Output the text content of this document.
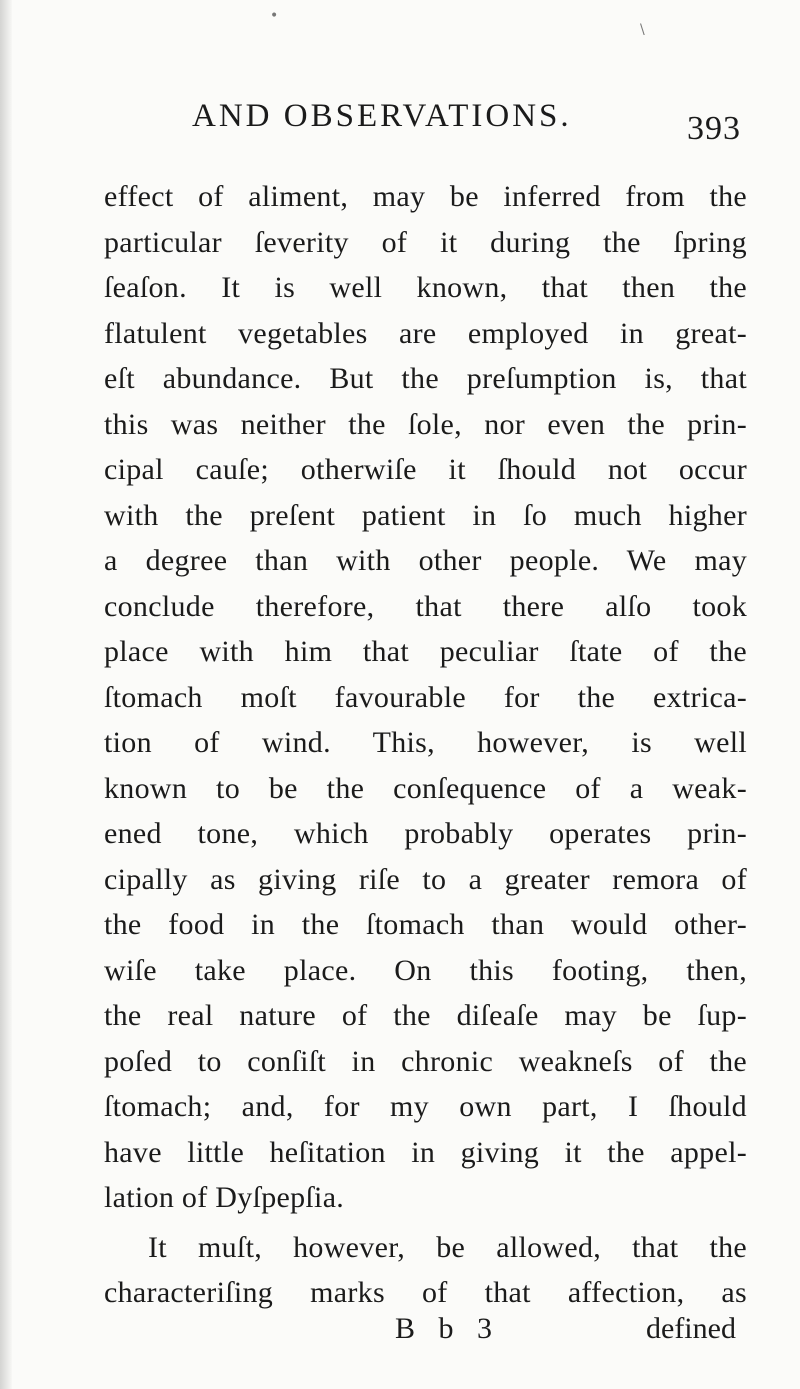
•
\
AND OBSERVATIONS.	393
effect of aliment, may be inferred from the
particular ſeverity of it during the ſpring
ſeaſon. It is well known, that then the
flatulent vegetables are employed in great-
eſt abundance. But the preſumption is, that
this was neither the ſole, nor even the prin-
cipal cauſe; otherwiſe it ſhould not occur
with the preſent patient in ſo much higher
a degree than with other people. We may
conclude therefore, that there alſo took
place with him that peculiar ſtate of the
ſtomach moſt favourable for the extrica-
tion of wind. This, however, is well
known to be the conſequence of a weak-
ened tone, which probably operates prin-
cipally as giving riſe to a greater remora of
the food in the ſtomach than would other-
wiſe take place. On this footing, then,
the real nature of the diſeaſe may be ſup-
poſed to conſiſt in chronic weakneſs of the
ſtomach; and, for my own part, I ſhould
have little heſitation in giving it the appel-
lation of Dyſpepſia.
It muſt, however, be allowed, that the
characteriſing marks of that affection, as
B b 3	defined
